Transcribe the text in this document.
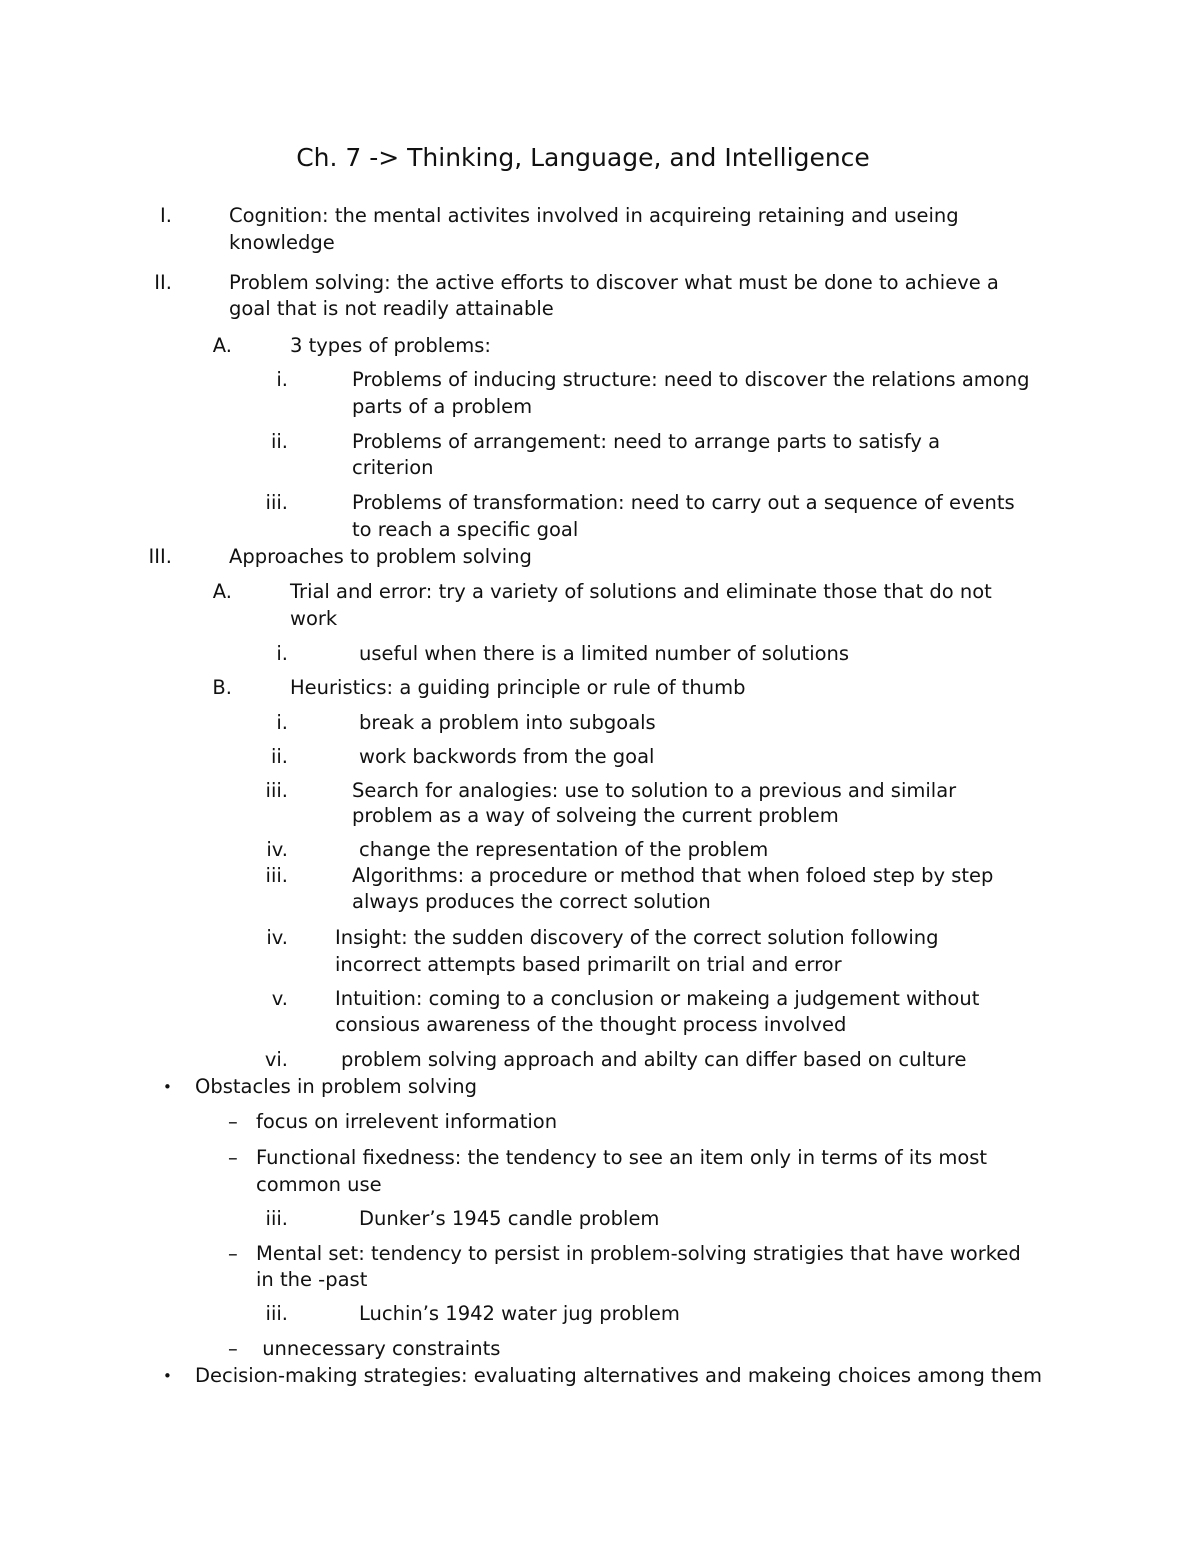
Ch. 7 -> Thinking, Language, and Intelligence
I.	Cognition: the mental activites involved in acquireing retaining and useing
knowledge
II.	Problem solving: the active efforts to discover what must be done to achieve a
goal that is not readily attainable
A.	3 types of problems:
i.	Problems of inducing structure: need to discover the relations among
parts of a problem
ii.	Problems of arrangement: need to arrange parts to satisfy a
criterion
iii.	Problems of transformation: need to carry out a sequence of events
to reach a specific goal
III.	Approaches to problem solving
A.	Trial and error: try a variety of solutions and eliminate those that do not
work
i.	useful when there is a limited number of solutions
B.	Heuristics: a guiding principle or rule of thumb
i.	break a problem into subgoals
ii.	work backwords from the goal
iii.	Search for analogies: use to solution to a previous and similar
problem as a way of solveing the current problem
iv.	change the representation of the problem
iii.	Algorithms: a procedure or method that when foloed step by step
always produces the correct solution
iv. Insight: the sudden discovery of the correct solution following
incorrect attempts based primarilt on trial and error
v. Intuition: coming to a conclusion or makeing a judgement without
consious awareness of the thought process involved
vi.	problem solving approach and abilty can differ based on culture
• Obstacles in problem solving
– focus on irrelevent information
– Functional fixedness: the tendency to see an item only in terms of its most
common use
iii.	Dunker’s 1945 candle problem
– Mental set: tendency to persist in problem-solving stratigies that have worked
in the -past
iii.	Luchin’s 1942 water jug problem
– unnecessary constraints
• Decision-making strategies: evaluating alternatives and makeing choices among them
